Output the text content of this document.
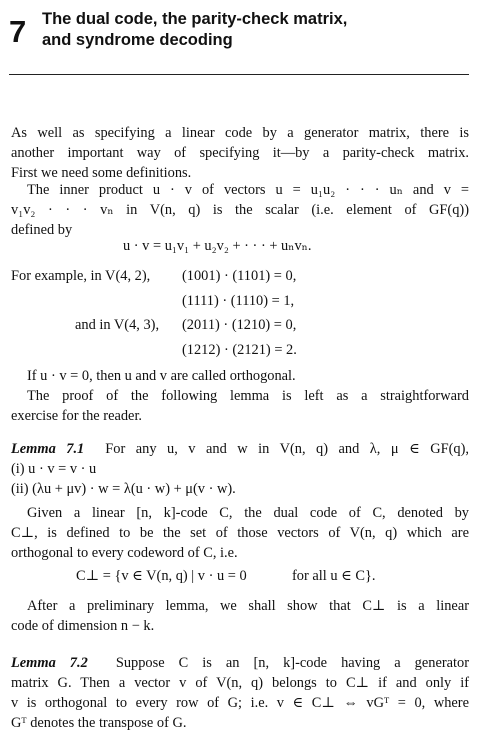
7 The dual code, the parity-check matrix,
and syndrome decoding
As well as specifying a linear code by a generator matrix, there is
another important way of specifying it—by a parity-check matrix.
First we need some definitions.
The inner product u · v of vectors u = u₁u₂ · · · uₙ and v =
v₁v₂ · · · vₙ in V(n, q) is the scalar (i.e. element of GF(q))
defined by
u · v = u₁v₁ + u₂v₂ + · · · + uₙvₙ.
For example, in V(4, 2), (1001) · (1101) = 0,
(1111) · (1110) = 1,
and in V(4, 3), (2011) · (1210) = 0,
(1212) · (2121) = 2.
If u · v = 0, then u and v are called orthogonal.
The proof of the following lemma is left as a straightforward
exercise for the reader.
Lemma 7.1 For any u, v and w in V(n, q) and λ, μ ∈ GF(q),
(i) u · v = v · u
(ii) (λu + μv) · w = λ(u · w) + μ(v · w).
Given a linear [n, k]-code C, the dual code of C, denoted by
C⊥, is defined to be the set of those vectors of V(n, q) which are
orthogonal to every codeword of C, i.e.
C⊥ = {v ∈ V(n, q) | v · u = 0	for all u ∈ C}.
After a preliminary lemma, we shall show that C⊥ is a linear
code of dimension n − k.
Lemma 7.2 Suppose C is an [n, k]-code having a generator
matrix G. Then a vector v of V(n, q) belongs to C⊥ if and only if
v is orthogonal to every row of G; i.e. v ∈ C⊥ ⇔ vGᵀ = 0, where
Gᵀ denotes the transpose of G.
